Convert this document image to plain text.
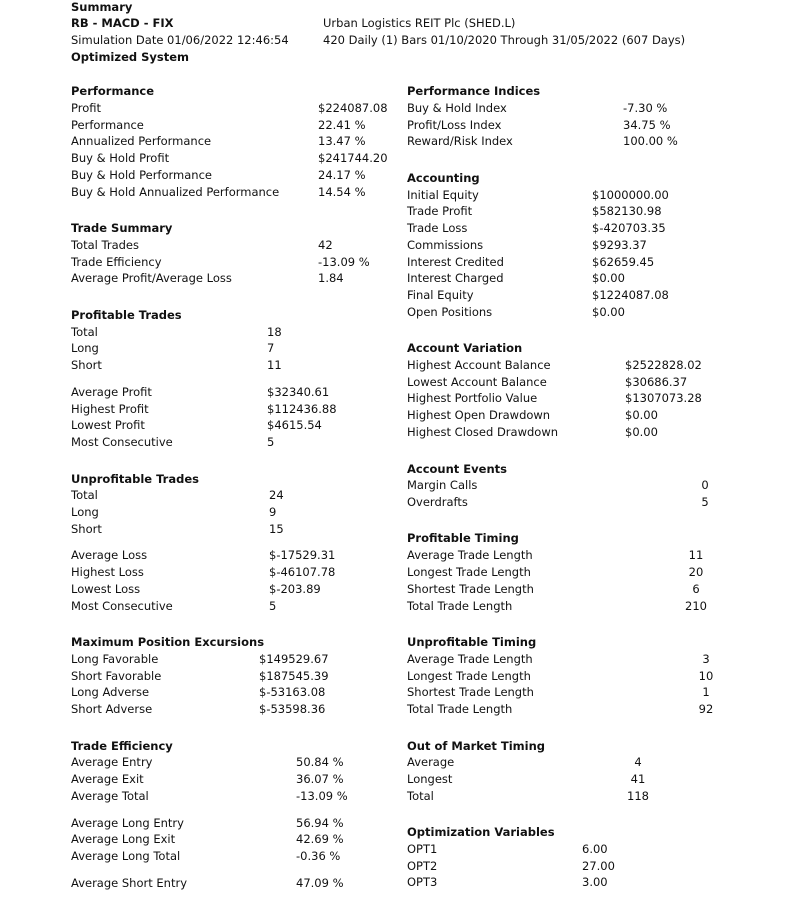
Summary
RB - MACD - FIX
Simulation Date 01/06/2022 12:46:54
Optimized System
Urban Logistics REIT Plc (SHED.L)
420 Daily (1) Bars 01/10/2020 Through 31/05/2022 (607 Days)
Performance
Profit	$224087.08
Performance	22.41 %
Annualized Performance	13.47 %
Buy & Hold Profit	$241744.20
Buy & Hold Performance	24.17 %
Buy & Hold Annualized Performance	14.54 %
Trade Summary
Total Trades	42
Trade Efficiency	-13.09 %
Average Profit/Average Loss	1.84
Profitable Trades
Total	18
Long	7
Short	11
Average Profit	$32340.61
Highest Profit	$112436.88
Lowest Profit	$4615.54
Most Consecutive	5
Unprofitable Trades
Total	24
Long	9
Short	15
Average Loss	$-17529.31
Highest Loss	$-46107.78
Lowest Loss	$-203.89
Most Consecutive	5
Maximum Position Excursions
Long Favorable	$149529.67
Short Favorable	$187545.39
Long Adverse	$-53163.08
Short Adverse	$-53598.36
Trade Efficiency
Average Entry	50.84 %
Average Exit	36.07 %
Average Total	-13.09 %
Average Long Entry	56.94 %
Average Long Exit	42.69 %
Average Long Total	-0.36 %
Average Short Entry	47.09 %
Performance Indices
Buy & Hold Index	-7.30 %
Profit/Loss Index	34.75 %
Reward/Risk Index	100.00 %
Accounting
Initial Equity	$1000000.00
Trade Profit	$582130.98
Trade Loss	$-420703.35
Commissions	$9293.37
Interest Credited	$62659.45
Interest Charged	$0.00
Final Equity	$1224087.08
Open Positions	$0.00
Account Variation
Highest Account Balance	$2522828.02
Lowest Account Balance	$30686.37
Highest Portfolio Value	$1307073.28
Highest Open Drawdown	$0.00
Highest Closed Drawdown	$0.00
Account Events
Margin Calls	0
Overdrafts	5
Profitable Timing
Average Trade Length	11
Longest Trade Length	20
Shortest Trade Length	6
Total Trade Length	210
Unprofitable Timing
Average Trade Length	3
Longest Trade Length	10
Shortest Trade Length	1
Total Trade Length	92
Out of Market Timing
Average	4
Longest	41
Total	118
Optimization Variables
OPT1	6.00
OPT2	27.00
OPT3	3.00
